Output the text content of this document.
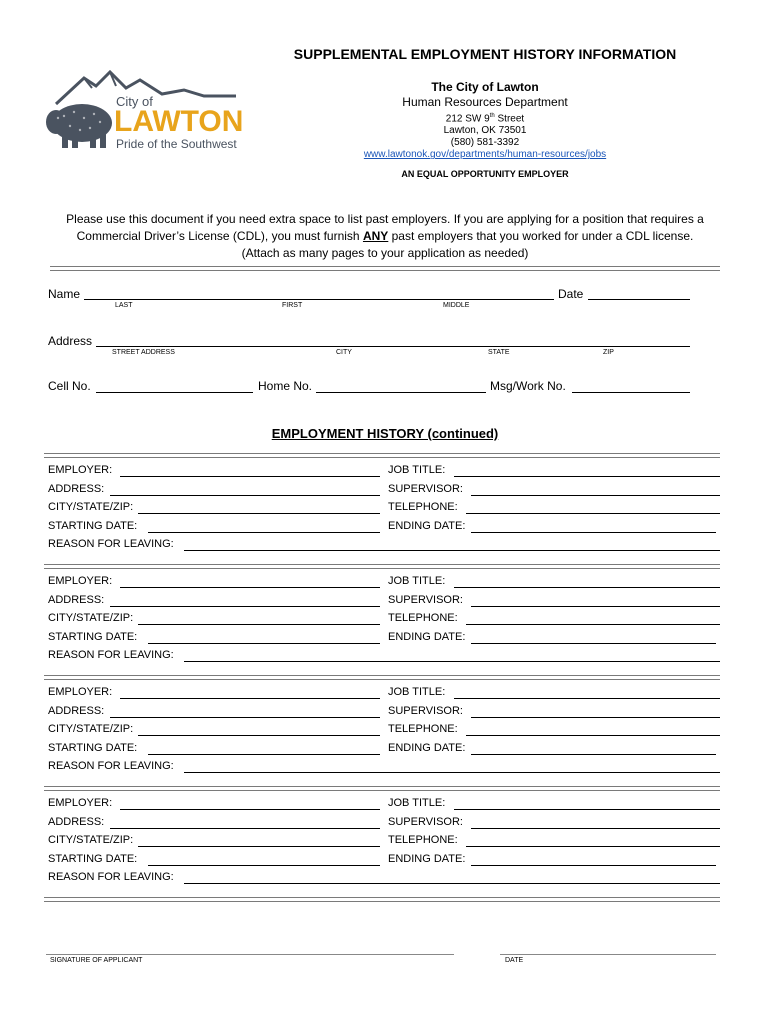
City of
LAWTON
Pride of the Southwest
SUPPLEMENTAL EMPLOYMENT HISTORY INFORMATION
The City of Lawton
Human Resources Department
212 SW 9th Street
Lawton, OK 73501
(580) 581-3392
www.lawtonok.gov/departments/human-resources/jobs
AN EQUAL OPPORTUNITY EMPLOYER
Please use this document if you need extra space to list past employers. If you are applying for a position that requires a
Commercial Driver’s License (CDL), you must furnish ANY past employers that you worked for under a CDL license.
(Attach as many pages to your application as needed)
Name	Date
LAST	FIRST	MIDDLE
Address
STREET ADDRESS	CITY	STATE	ZIP
Cell No.	Home No.	Msg/Work No.
EMPLOYMENT HISTORY (continued)
EMPLOYER:	JOB TITLE:
ADDRESS:	SUPERVISOR:
CITY/STATE/ZIP:	TELEPHONE:
STARTING DATE:	ENDING DATE:
REASON FOR LEAVING:
EMPLOYER:	JOB TITLE:
ADDRESS:	SUPERVISOR:
CITY/STATE/ZIP:	TELEPHONE:
STARTING DATE:	ENDING DATE:
REASON FOR LEAVING:
EMPLOYER:	JOB TITLE:
ADDRESS:	SUPERVISOR:
CITY/STATE/ZIP:	TELEPHONE:
STARTING DATE:	ENDING DATE:
REASON FOR LEAVING:
EMPLOYER:	JOB TITLE:
ADDRESS:	SUPERVISOR:
CITY/STATE/ZIP:	TELEPHONE:
STARTING DATE:	ENDING DATE:
REASON FOR LEAVING:
SIGNATURE OF APPLICANT	DATE
